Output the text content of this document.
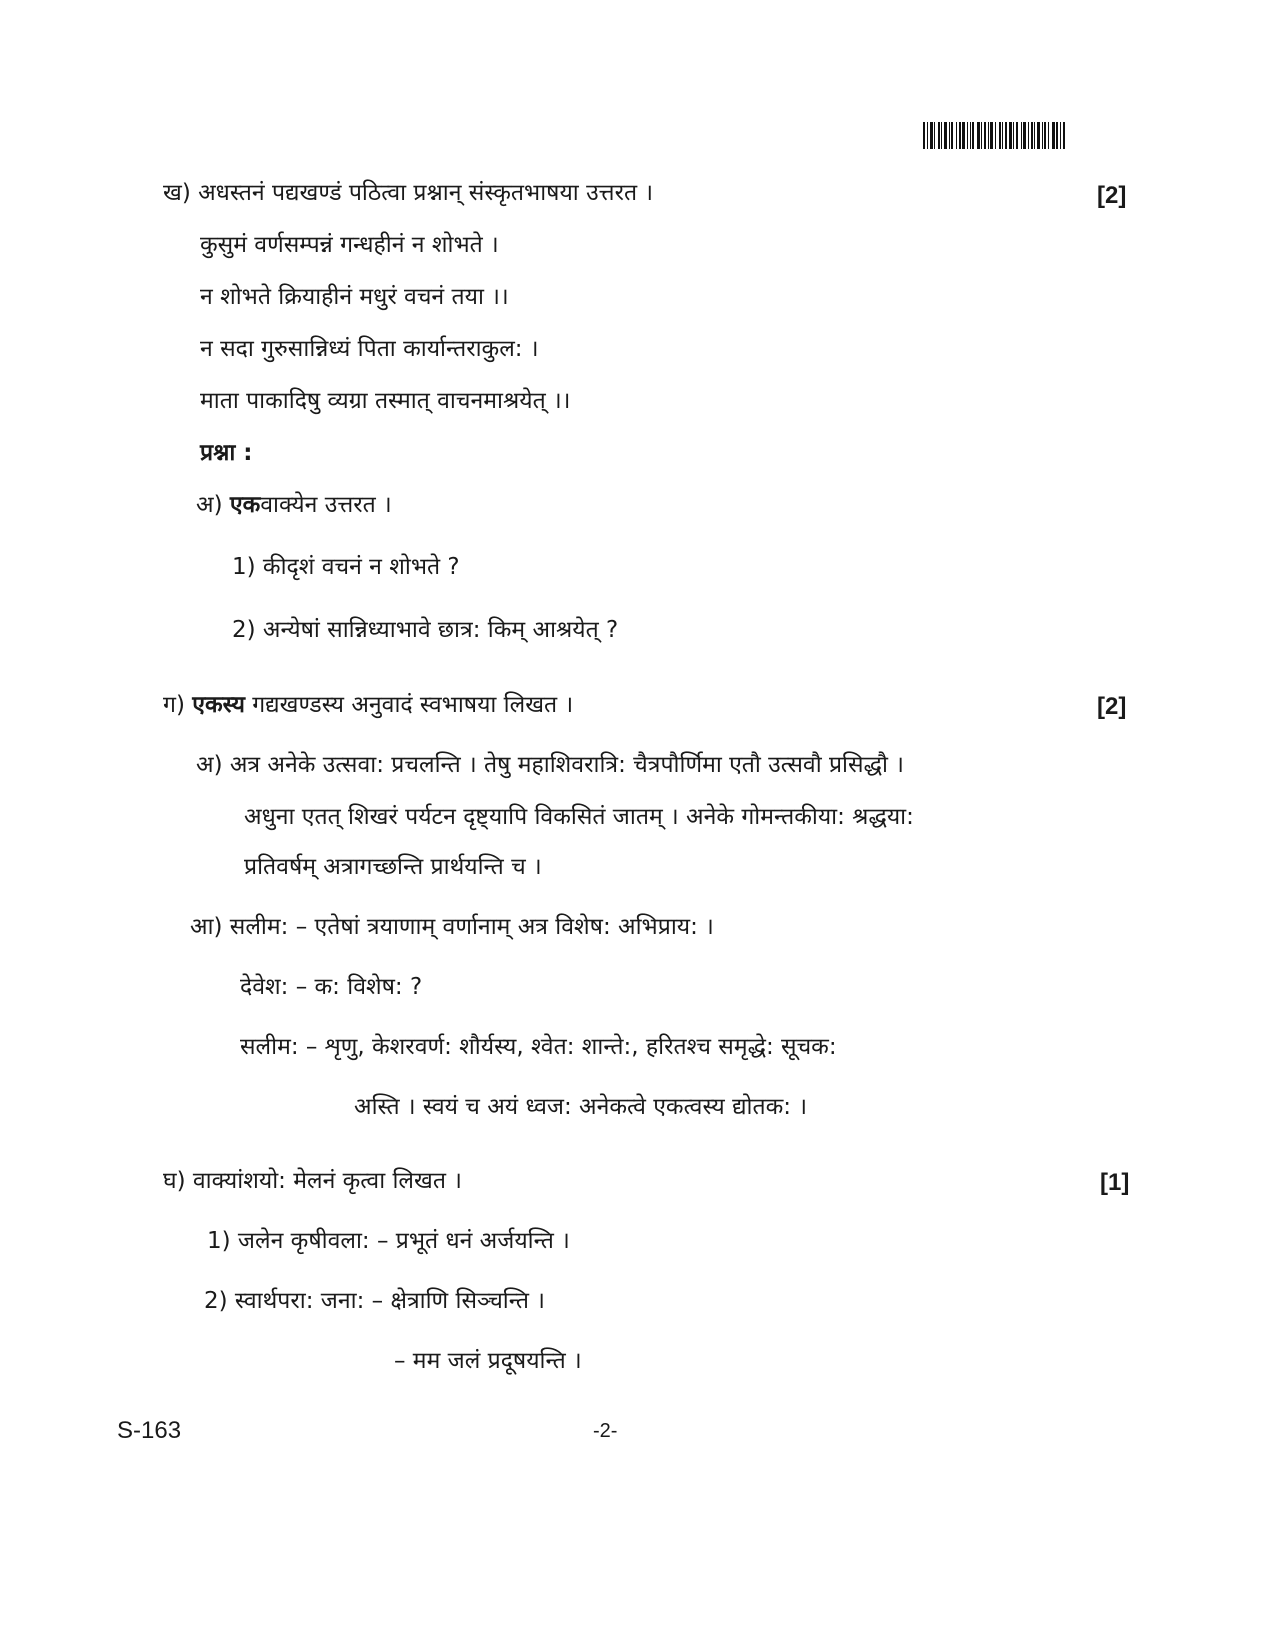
ख) अधस्तनं पद्यखण्डं पठित्वा प्रश्नान् संस्कृतभाषया उत्तरत ।	[2]
कुसुमं वर्णसम्पन्नं गन्धहीनं न शोभते ।
न शोभते क्रियाहीनं मधुरं वचनं तया ।।
न सदा गुरुसान्निध्यं पिता कार्यान्तराकुल: ।
माता पाकादिषु व्यग्रा तस्मात् वाचनमाश्रयेत् ।।
प्रश्ना :
अ) एकवाक्येन उत्तरत ।
1) कीदृशं वचनं न शोभते ?
2) अन्येषां सान्निध्याभावे छात्र: किम् आश्रयेत् ?
ग) एकस्य गद्यखण्डस्य अनुवादं स्वभाषया लिखत ।	[2]
अ) अत्र अनेके उत्सवा: प्रचलन्ति । तेषु महाशिवरात्रि: चैत्रपौर्णिमा एतौ उत्सवौ प्रसिद्धौ ।
अधुना एतत् शिखरं पर्यटन दृष्ट्यापि विकसितं जातम् । अनेके गोमन्तकीया: श्रद्धया:
प्रतिवर्षम् अत्रागच्छन्ति प्रार्थयन्ति च ।
आ) सलीम: – एतेषां त्रयाणाम् वर्णानाम् अत्र विशेष: अभिप्राय: ।
देवेश: – क: विशेष: ?
सलीम: – शृणु, केशरवर्ण: शौर्यस्य, श्वेत: शान्ते:, हरितश्च समृद्धे: सूचक:
अस्ति । स्वयं च अयं ध्वज: अनेकत्वे एकत्वस्य द्योतक: ।
घ) वाक्यांशयो: मेलनं कृत्वा लिखत ।	[1]
1) जलेन कृषीवला: – प्रभूतं धनं अर्जयन्ति ।
2) स्वार्थपरा: जना: – क्षेत्राणि सिञ्चन्ति ।
– मम जलं प्रदूषयन्ति ।
S-163	-2-
